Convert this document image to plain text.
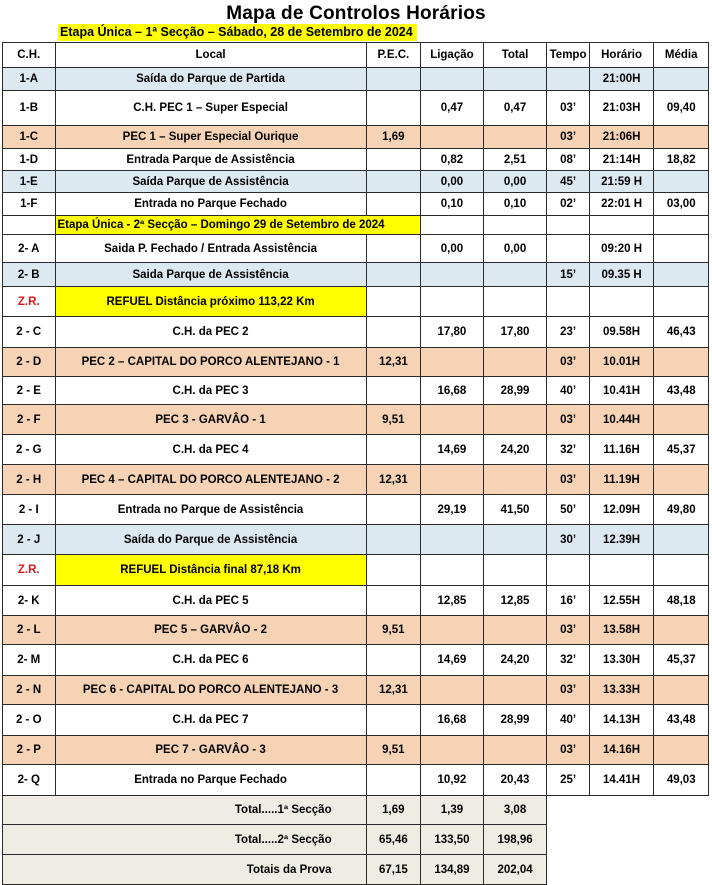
Mapa de Controlos Horários
Etapa Única – 1ª Secção – Sábado, 28 de Setembro de 2024
C.H.	Local	P.E.C.	Ligação	Total	Tempo	Horário	Média
1-A	Saída do Parque de Partida					21:00H	
1-B	C.H. PEC 1 – Super Especial		0,47	0,47	03’	21:03H	09,40
1-C	PEC 1 – Super Especial Ourique	1,69			03’	21:06H	
1-D	Entrada Parque de Assistência		0,82	2,51	08’	21:14H	18,82
1-E	Saída Parque de Assistência		0,00	0,00	45’	21:59 H	
1-F	Entrada no Parque Fechado		0,10	0,10	02’	22:01 H	03,00
	Etapa Única - 2ª Secção – Domingo 29 de Setembro de 2024						
2- A	Saida P. Fechado / Entrada Assistência		0,00	0,00		09:20 H	
2- B	Saida Parque de Assistência				15’	09.35 H	
Z.R.	REFUEL Distância próximo 113,22 Km						
2 - C	C.H. da PEC 2		17,80	17,80	23’	09.58H	46,43
2 - D	PEC 2 – CAPITAL DO PORCO ALENTEJANO - 1	12,31			03’	10.01H	
2 - E	C.H. da PEC 3		16,68	28,99	40’	10.41H	43,48
2 - F	PEC 3 - GARVÂO - 1	9,51			03’	10.44H	
2 - G	C.H. da PEC 4		14,69	24,20	32’	11.16H	45,37
2 - H	PEC 4 – CAPITAL DO PORCO ALENTEJANO - 2	12,31			03’	11.19H	
2 - I	Entrada no Parque de Assistência		29,19	41,50	50’	12.09H	49,80
2 - J	Saída do Parque de Assistência				30’	12.39H	
Z.R.	REFUEL Distância final 87,18 Km						
2- K	C.H. da PEC 5		12,85	12,85	16’	12.55H	48,18
2 - L	PEC 5 – GARVÂO - 2	9,51			03’	13.58H	
2- M	C.H. da PEC 6		14,69	24,20	32’	13.30H	45,37
2 - N	PEC 6 - CAPITAL DO PORCO ALENTEJANO - 3	12,31			03’	13.33H	
2 - O	C.H. da PEC 7		16,68	28,99	40’	14.13H	43,48
2 - P	PEC 7 - GARVÂO - 3	9,51			03’	14.16H	
2- Q	Entrada no Parque Fechado		10,92	20,43	25’	14.41H	49,03
Total.....1ª Secção		1,69	1,39	3,08			
Total.....2ª Secção		65,46	133,50	198,96			
Totais da Prova		67,15	134,89	202,04			
